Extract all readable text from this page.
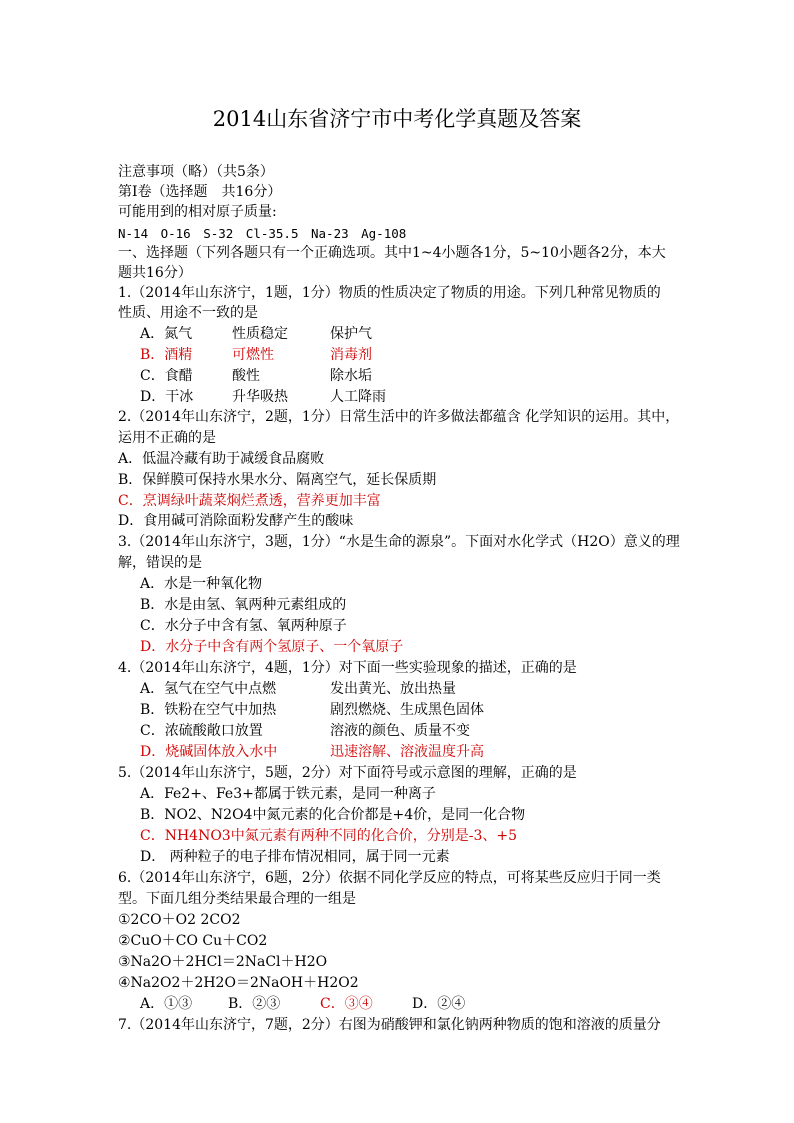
2014山东省济宁市中考化学真题及答案
注意事项（略）（共5条）
第I卷（选择题　共16分）
可能用到的相对原子质量:
N-14　O-16　S-32　Cl-35.5　Na-23　Ag-108
一、选择题（下列各题只有一个正确选项。其中1~4小题各1分，5~10小题各2分，本大
题共16分）
1.（2014年山东济宁，1题，1分）物质的性质决定了物质的用途。下列几种常见物质的
性质、用途不一致的是
A．氮气	性质稳定	保护气
B．酒精	可燃性	消毒剂
C．食醋	酸性	除水垢
D．干冰	升华吸热	人工降雨
2.（2014年山东济宁，2题，1分）日常生活中的许多做法都蕴含 化学知识的运用。其中，
运用不正确的是
A．低温冷藏有助于减缓食品腐败
B．保鲜膜可保持水果水分、隔离空气，延长保质期
C．烹调绿叶蔬菜焖烂煮透，营养更加丰富
D．食用碱可消除面粉发酵产生的酸味
3.（2014年山东济宁，3题，1分）“水是生命的源泉”。下面对水化学式（H2O）意义的理
解，错误的是
A．水是一种氧化物
B．水是由氢、氧两种元素组成的
C．水分子中含有氢、氧两种原子
D．水分子中含有两个氢原子、一个氧原子
4.（2014年山东济宁，4题，1分）对下面一些实验现象的描述，正确的是
A．氢气在空气中点燃	发出黄光、放出热量
B．铁粉在空气中加热	剧烈燃烧、生成黑色固体
C．浓硫酸敞口放置	溶液的颜色、质量不变
D．烧碱固体放入水中	迅速溶解、溶液温度升高
5.（2014年山东济宁，5题，2分）对下面符号或示意图的理解，正确的是
A．Fe2+、Fe3+都属于铁元素，是同一种离子
B．NO2、N2O4中氮元素的化合价都是+4价，是同一化合物
C．NH4NO3中氮元素有两种不同的化合价，分别是-3、+5
D． 两种粒子的电子排布情况相同，属于同一元素
6.（2014年山东济宁，6题，2分）依据不同化学反应的特点，可将某些反应归于同一类
型。下面几组分类结果最合理的一组是
①2CO＋O2 2CO2
②CuO＋CO Cu＋CO2
③Na2O＋2HCl＝2NaCl＋H2O
④Na2O2＋2H2O＝2NaOH＋H2O2
A．①③	B．②③	C．③④	D．②④
7.（2014年山东济宁，7题，2分）右图为硝酸钾和氯化钠两种物质的饱和溶液的质量分
